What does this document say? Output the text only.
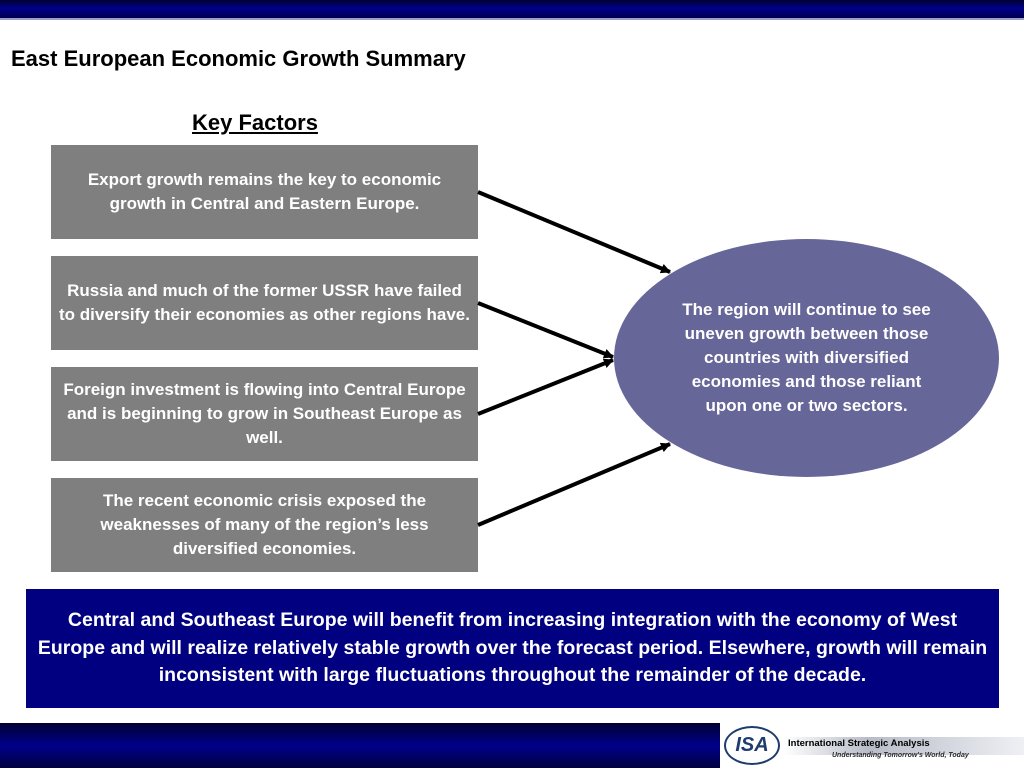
East European Economic Growth Summary
Key Factors
Export growth remains the key to economic growth in Central and Eastern Europe.
Russia and much of the former USSR have failed to diversify their economies as other regions have.
Foreign investment is flowing into Central Europe and is beginning to grow in Southeast Europe as well.
The recent economic crisis exposed the weaknesses of many of the region’s less diversified economies.
The region will continue to see uneven growth between those countries with diversified economies and those reliant upon one or two sectors.
Central and Southeast Europe will benefit from increasing integration with the economy of West Europe and will realize relatively stable growth over the forecast period. Elsewhere, growth will remain inconsistent with large fluctuations throughout the remainder of the decade.
ISA International Strategic Analysis
Understanding Tomorrow's World, Today
